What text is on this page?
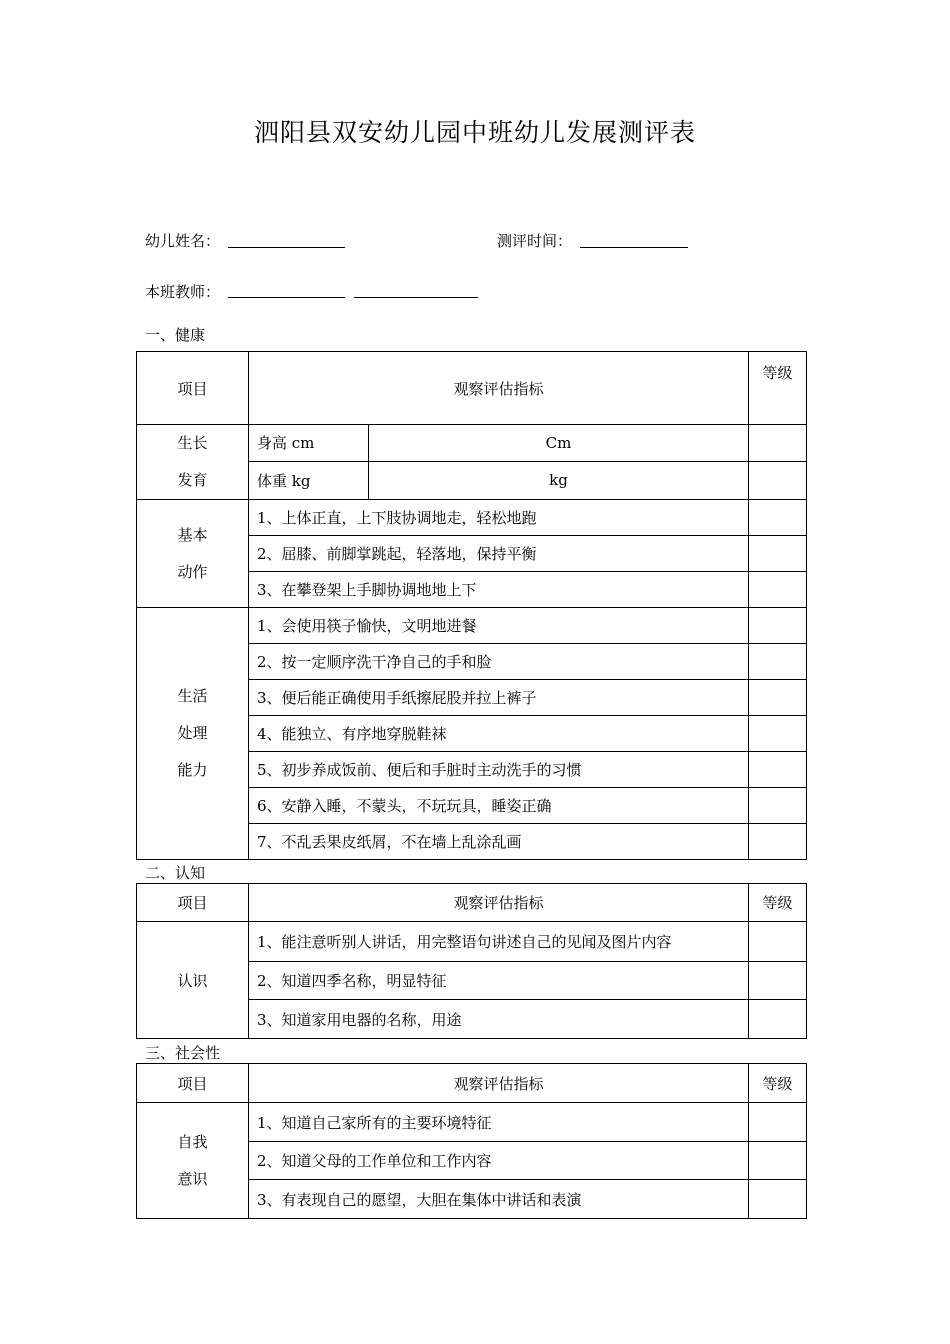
泗阳县双安幼儿园中班幼儿发展测评表
幼儿姓名：	测评时间：
本班教师：
一、健康
项目	观察评估指标		等级

生长
发育	身高 cm	Cm	
	体重 kg	kg	

基本
动作	1、上体正直，上下肢协调地走，轻松地跑		
	2、屈膝、前脚掌跳起，轻落地，保持平衡		
	3、在攀登架上手脚协调地地上下		

生活
处理
能力	1、会使用筷子愉快，文明地进餐		
	2、按一定顺序洗干净自己的手和脸		
	3、便后能正确使用手纸擦屁股并拉上裤子		
	4、能独立、有序地穿脱鞋袜		
	5、初步养成饭前、便后和手脏时主动洗手的习惯		
	6、安静入睡，不蒙头，不玩玩具，睡姿正确		
	7、不乱丢果皮纸屑，不在墙上乱涂乱画		
二、认知
项目	观察评估指标	等级
认识	1、能注意听别人讲话，用完整语句讲述自己的见闻及图片内容	
	2、知道四季名称，明显特征	
	3、知道家用电器的名称，用途	
三、社会性
项目	观察评估指标	等级

自我
意识	1、知道自己家所有的主要环境特征	
	2、知道父母的工作单位和工作内容	
	3、有表现自己的愿望，大胆在集体中讲话和表演	
